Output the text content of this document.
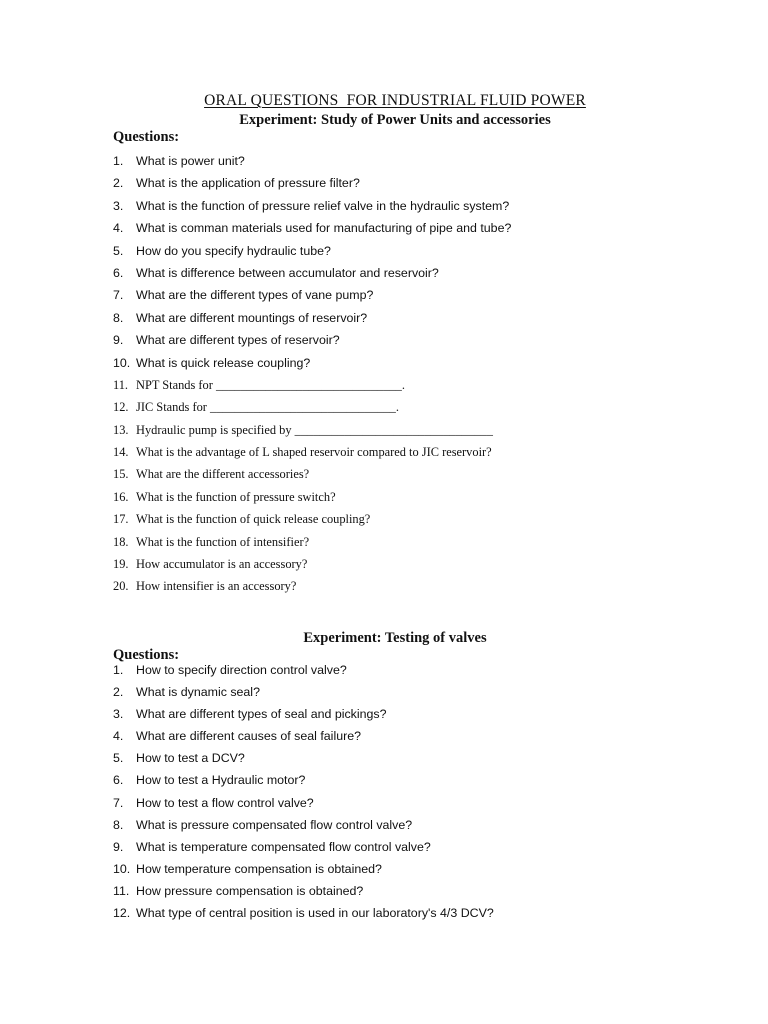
ORAL QUESTIONS  FOR INDUSTRIAL FLUID POWER
Experiment: Study of Power Units and accessories
Questions:
1.	What is power unit?
2.	What is the application of pressure filter?
3.	What is the function of pressure relief valve in the hydraulic system?
4.	What is comman materials used for manufacturing of pipe and tube?
5.	How do you specify hydraulic tube?
6.	What is difference between accumulator and reservoir?
7.	What are the different types of vane pump?
8.	What are different mountings of reservoir?
9.	What are different types of reservoir?
10. What is quick release coupling?
11. NPT Stands for ______________________________.
12. JIC Stands for ______________________________.
13. Hydraulic pump is specified by ________________________________
14. What is the advantage of L shaped reservoir compared to JIC reservoir?
15. What are the different accessories?
16. What is the function of pressure switch?
17. What is the function of quick release coupling?
18. What is the function of intensifier?
19. How accumulator is an accessory?
20. How intensifier is an accessory?
Experiment: Testing of valves
Questions:
1.	How to specify direction control valve?
2.	What is dynamic seal?
3.	What are different types of seal and pickings?
4.	What are different causes of seal failure?
5.	How to test a DCV?
6.	How to test a Hydraulic motor?
7.	How to test a flow control valve?
8.	What is pressure compensated flow control valve?
9.	What is temperature compensated flow control valve?
10. How temperature compensation is obtained?
11. How pressure compensation is obtained?
12. What type of central position is used in our laboratory's 4/3 DCV?
